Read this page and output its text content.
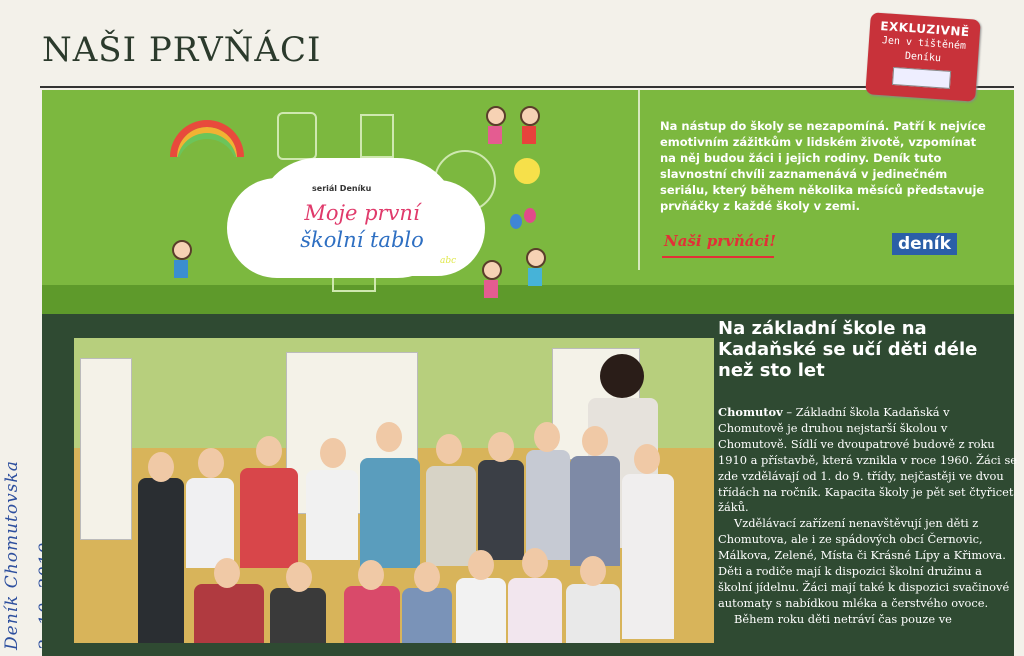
Deník Chomutovska
NAŠI PRVŇÁCI
seriál Deníku
Moje první
školní tablo
abc
Na nástup do školy se nezapomíná. Patří k nejvíce emotivním zážitkům v lidském životě, vzpomínat na něj budou žáci i jejich rodiny. Deník tuto slavnostní chvíli zaznamenává v jedinečném seriálu, který během několika měsíců představuje prvňáčky z každé školy v zemi.
Naši prvňáci!	deník
EXKLUZIVNĚ
Jen v tištěném
Deníku
Na základní škole na Kadaňské se učí děti déle než sto let

Chomutov – Základní škola Kadaňská v Chomutově je druhou nejstarší školou v Chomutově. Sídlí ve dvoupatrové budově z roku 1910 a přístavbě, která vznikla v roce 1960. Žáci se zde vzdělávají od 1. do 9. třídy, nejčastěji ve dvou třídách na ročník. Kapacita školy je pět set čtyřicet žáků.

Vzdělávací zařízení nenavštěvují jen děti z Chomutova, ale i ze spádových obcí Černovic, Málkova, Zelené, Místa či Krásné Lípy a Křimova. Děti a rodiče mají k dispozici školní družinu a školní jídelnu. Žáci mají také k dispozici svačinové automaty s nabídkou mléka a čerstvého ovoce.

Během roku děti netráví čas pouze ve
